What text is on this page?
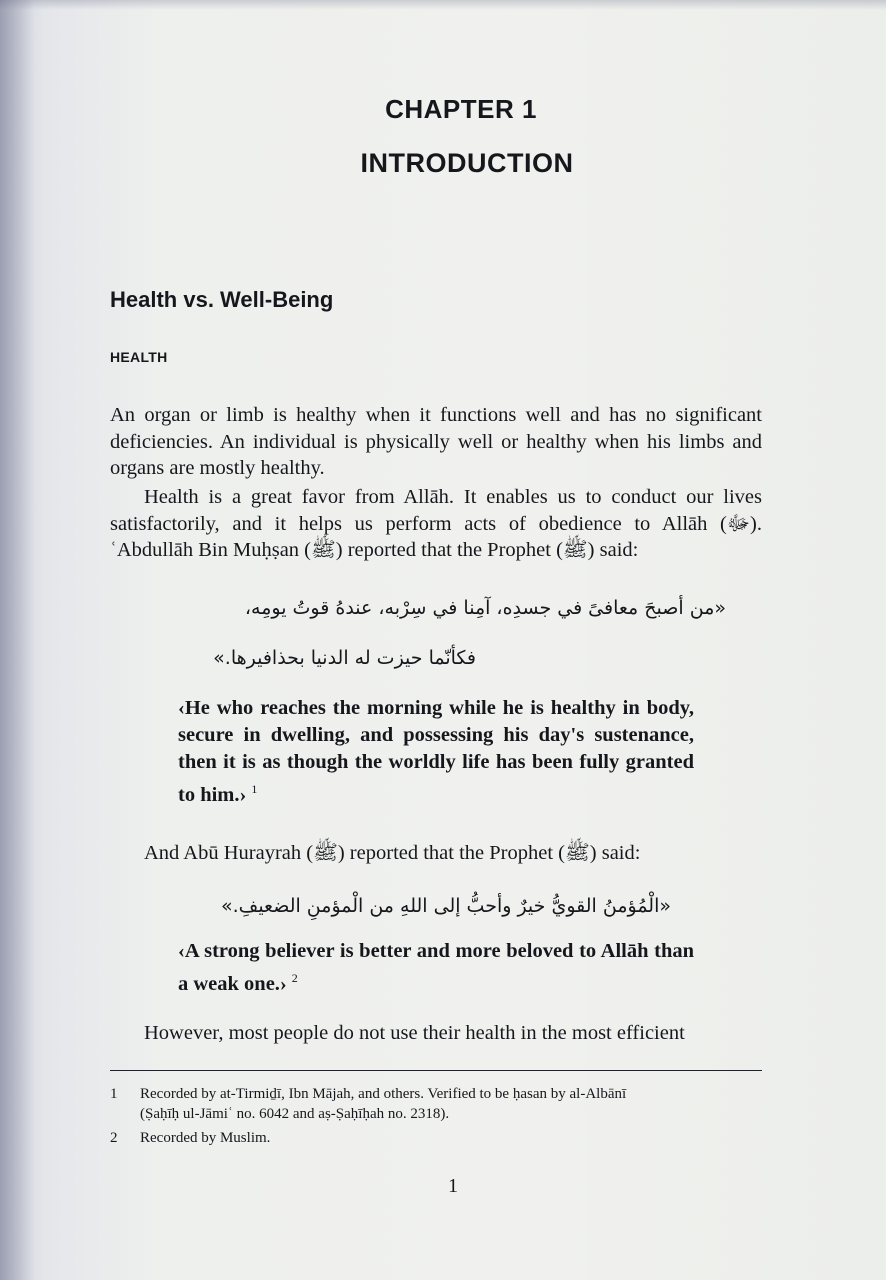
CHAPTER 1
INTRODUCTION
Health vs. Well-Being
HEALTH

An organ or limb is healthy when it functions well and has no significant deficiencies. An individual is physically well or healthy when his limbs and organs are mostly healthy.

Health is a great favor from Allāh. It enables us to conduct our lives satisfactorily, and it helps us perform acts of obedience to Allāh (ﷻ). ʿAbdullāh Bin Muḥṣan (ﷺ) reported that the Prophet (ﷺ) said:

«من أصبحَ معافىً في جسدِه، آمِنا في سِرْبه، عندهُ قوتُ يومِه،

فكأنّما حيزت له الدنيا بحذافيرها.»

‹He who reaches the morning while he is healthy in body, secure in dwelling, and possessing his day's sustenance, then it is as though the worldly life has been fully granted to him.› $^1$

And Abū Hurayrah (ﷺ) reported that the Prophet (ﷺ) said:

«الْمُؤمنُ القويُّ خيرٌ وأحبُّ إلى اللهِ من الْمؤمنِ الضعيفِ.»

‹A strong believer is better and more beloved to Allāh than a weak one.› $^2$

However, most people do not use their health in the most efficient

1 Recorded by at-Tirmiḏī, Ibn Mājah, and others. Verified to be ḥasan by al-Albānī
(Ṣaḥīḥ ul-Jāmiʿ no. 6042 and aṣ-Ṣaḥīḥah no. 2318).

2 Recorded by Muslim.

1
